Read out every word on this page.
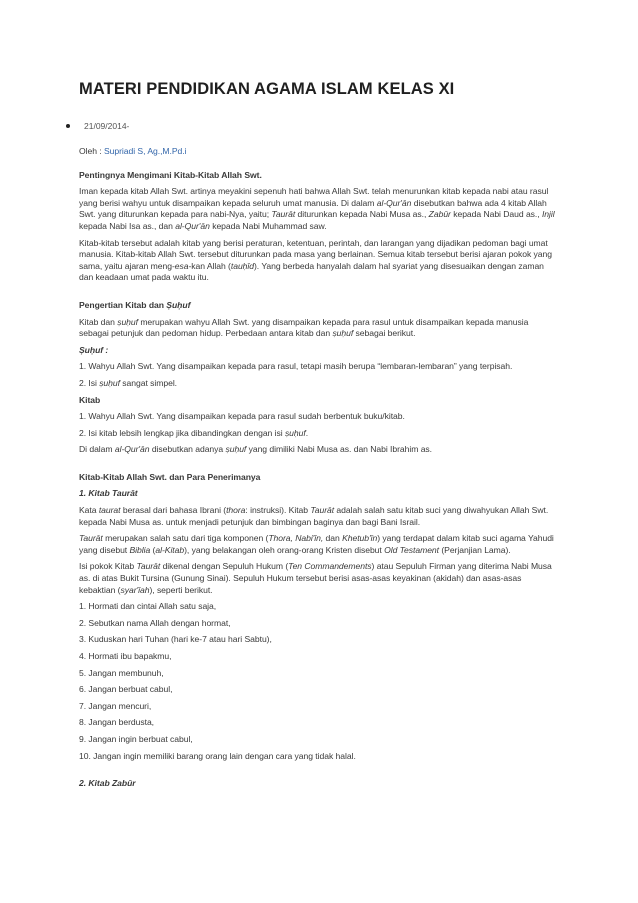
MATERI PENDIDIKAN AGAMA ISLAM KELAS XI
21/09/2014-

Oleh : Supriadi S, Ag.,M.Pd.i

Pentingnya Mengimani Kitab-Kitab Allah Swt.

Iman kepada kitab Allah Swt. artinya meyakini sepenuh hati bahwa Allah Swt. telah menurunkan kitab kepada nabi atau rasul yang berisi wahyu untuk disampaikan kepada seluruh umat manusia. Di dalam al-Qur'ān disebutkan bahwa ada 4 kitab Allah Swt. yang diturunkan kepada para nabi-Nya, yaitu; Taurāt diturunkan kepada Nabi Musa as., Zabūr kepada Nabi Daud as., Injil kepada Nabi Isa as., dan al-Qur'ān kepada Nabi Muhammad saw.

Kitab-kitab tersebut adalah kitab yang berisi peraturan, ketentuan, perintah, dan larangan yang dijadikan pedoman bagi umat manusia. Kitab-kitab Allah Swt. tersebut diturunkan pada masa yang berlainan. Semua kitab tersebut berisi ajaran pokok yang sama, yaitu ajaran meng-esa-kan Allah (tauḥīd). Yang berbeda hanyalah dalam hal syariat yang disesuaikan dengan zaman dan keadaan umat pada waktu itu.

Pengertian Kitab dan Ṣuḥuf

Kitab dan ṣuḥuf merupakan wahyu Allah Swt. yang disampaikan kepada para rasul untuk disampaikan kepada manusia sebagai petunjuk dan pedoman hidup. Perbedaan antara kitab dan ṣuḥuf sebagai berikut.

Ṣuḥuf :

1. Wahyu Allah Swt. Yang disampaikan kepada para rasul, tetapi masih berupa “lembaran-lembaran” yang terpisah.

2. Isi ṣuḥuf sangat simpel.

Kitab

1. Wahyu Allah Swt. Yang disampaikan kepada para rasul sudah berbentuk buku/kitab.

2. Isi kitab lebsih lengkap jika dibandingkan dengan isi ṣuḥuf.

Di dalam al-Qur'ān disebutkan adanya ṣuḥuf yang dimiliki Nabi Musa as. dan Nabi Ibrahim as.

Kitab-Kitab Allah Swt. dan Para Penerimanya

1. Kitab Taurāt

Kata taurat berasal dari bahasa Ibrani (thora: instruksi). Kitab Taurāt adalah salah satu kitab suci yang diwahyukan Allah Swt. kepada Nabi Musa as. untuk menjadi petunjuk dan bimbingan baginya dan bagi Bani Israil.

Taurāt merupakan salah satu dari tiga komponen (Thora, Nabi'īn, dan Khetub'īn) yang terdapat dalam kitab suci agama Yahudi yang disebut Biblia (al-Kitab), yang belakangan oleh orang-orang Kristen disebut Old Testament (Perjanjian Lama).

Isi pokok Kitab Taurāt dikenal dengan Sepuluh Hukum (Ten Commandements) atau Sepuluh Firman yang diterima Nabi Musa as. di atas Bukit Tursina (Gunung Sinai). Sepuluh Hukum tersebut berisi asas-asas keyakinan (akidah) dan asas-asas kebaktian (syar'īah), seperti berikut.

1. Hormati dan cintai Allah satu saja,

2. Sebutkan nama Allah dengan hormat,

3. Kuduskan hari Tuhan (hari ke-7 atau hari Sabtu),

4. Hormati ibu bapakmu,

5. Jangan membunuh,

6. Jangan berbuat cabul,

7. Jangan mencuri,

8. Jangan berdusta,

9. Jangan ingin berbuat cabul,

10. Jangan ingin memiliki barang orang lain dengan cara yang tidak halal.

2. Kitab Zabūr
